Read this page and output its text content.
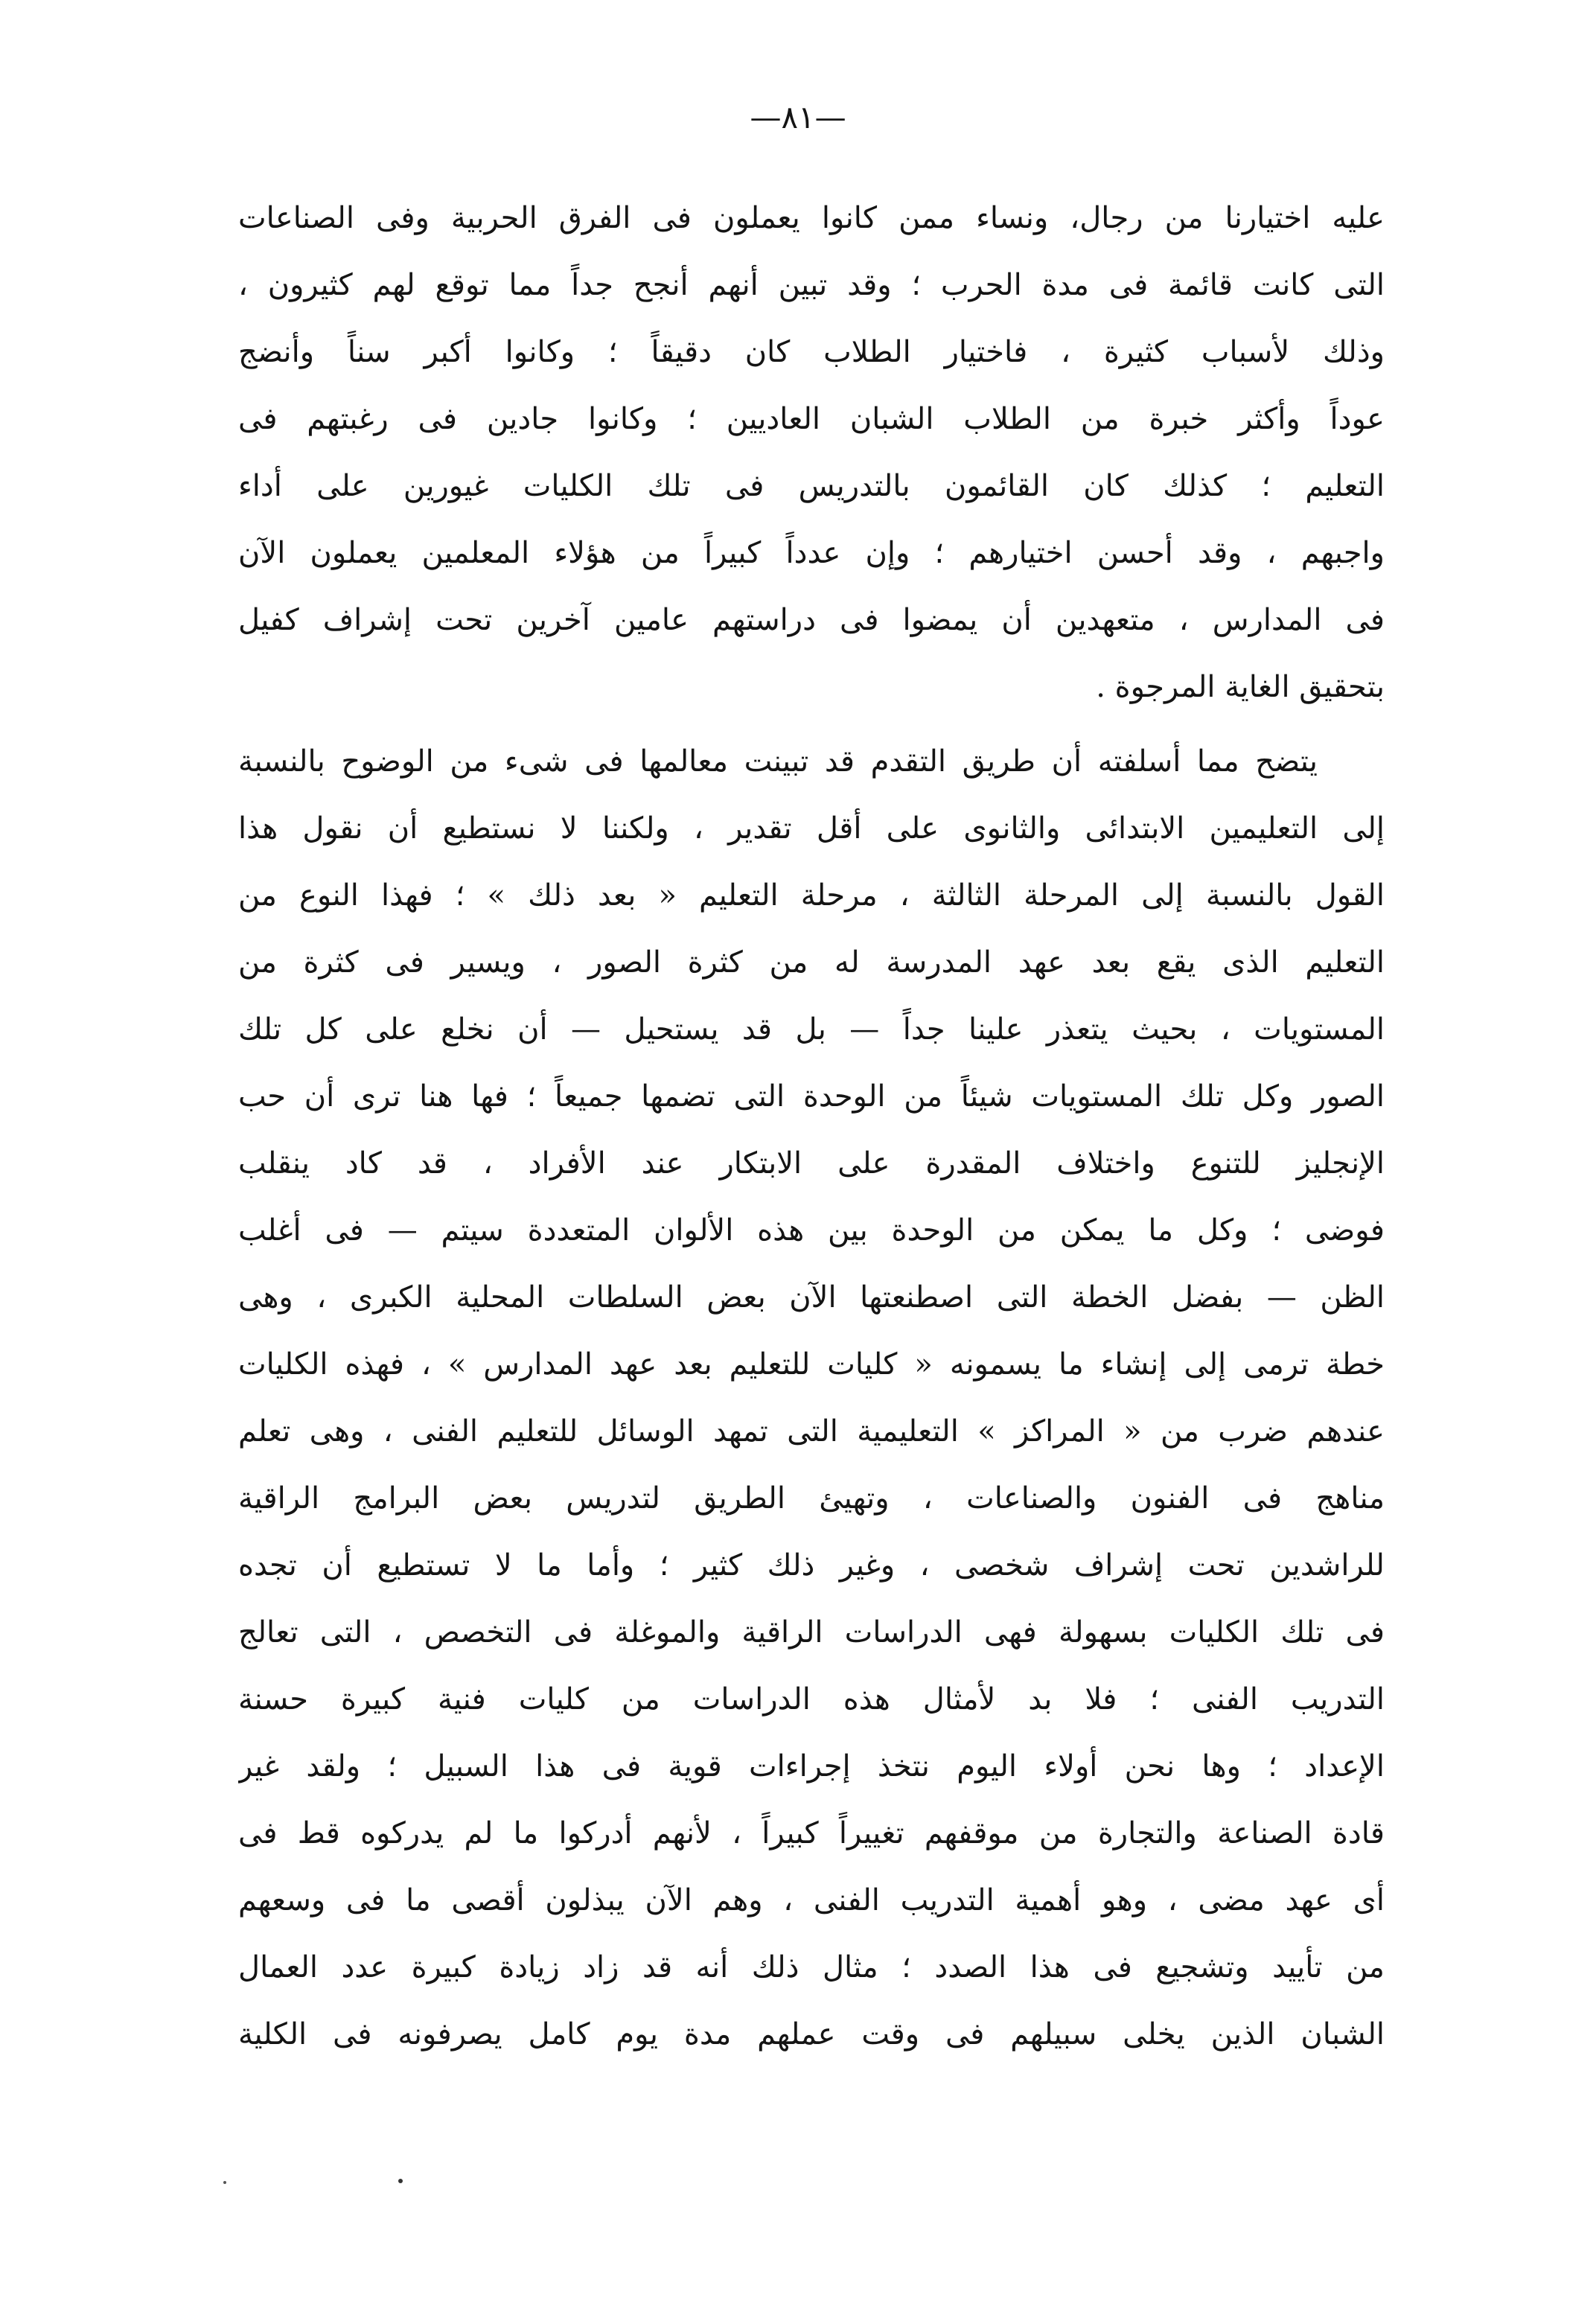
—٨١—
عليه اختيارنا من رجال، ونساء ممن كانوا يعملون فى الفرق الحربية وفى الصناعات
التى كانت قائمة فى مدة الحرب ؛ وقد تبين أنهم أنجح جداً مما توقع لهم كثيرون ،
وذلك لأسباب كثيرة ، فاختيار الطلاب كان دقيقاً ؛ وكانوا أكبر سناً وأنضج
عوداً وأكثر خبرة من الطلاب الشبان العاديين ؛ وكانوا جادين فى رغبتهم فى
التعليم ؛ كذلك كان القائمون بالتدريس فى تلك الكليات غيورين على أداء
واجبهم ، وقد أحسن اختيارهم ؛ وإن عدداً كبيراً من هؤلاء المعلمين يعملون الآن
فى المدارس ، متعهدين أن يمضوا فى دراستهم عامين آخرين تحت إشراف كفيل
بتحقيق الغاية المرجوة .
يتضح مما أسلفته أن طريق التقدم قد تبينت معالمها فى شىء من الوضوح بالنسبة
إلى التعليمين الابتدائى والثانوى على أقل تقدير ، ولكننا لا نستطيع أن نقول هذا
القول بالنسبة إلى المرحلة الثالثة ، مرحلة التعليم « بعد ذلك » ؛ فهذا النوع من
التعليم الذى يقع بعد عهد المدرسة له من كثرة الصور ، ويسير فى كثرة من
المستويات ، بحيث يتعذر علينا جداً — بل قد يستحيل — أن نخلع على كل تلك
الصور وكل تلك المستويات شيئاً من الوحدة التى تضمها جميعاً ؛ فها هنا ترى أن حب
الإنجليز للتنوع واختلاف المقدرة على الابتكار عند الأفراد ، قد كاد ينقلب
فوضى ؛ وكل ما يمكن من الوحدة بين هذه الألوان المتعددة سيتم — فى أغلب
الظن — بفضل الخطة التى اصطنعتها الآن بعض السلطات المحلية الكبرى ، وهى
خطة ترمى إلى إنشاء ما يسمونه « كليات للتعليم بعد عهد المدارس » ، فهذه الكليات
عندهم ضرب من « المراكز » التعليمية التى تمهد الوسائل للتعليم الفنى ، وهى تعلم
مناهج فى الفنون والصناعات ، وتهيئ الطريق لتدريس بعض البرامج الراقية
للراشدين تحت إشراف شخصى ، وغير ذلك كثير ؛ وأما ما لا تستطيع أن تجده
فى تلك الكليات بسهولة فهى الدراسات الراقية والموغلة فى التخصص ، التى تعالج
التدريب الفنى ؛ فلا بد لأمثال هذه الدراسات من كليات فنية كبيرة حسنة
الإعداد ؛ وها نحن أولاء اليوم نتخذ إجراءات قوية فى هذا السبيل ؛ ولقد غير
قادة الصناعة والتجارة من موقفهم تغييراً كبيراً ، لأنهم أدركوا ما لم يدركوه قط فى
أى عهد مضى ، وهو أهمية التدريب الفنى ، وهم الآن يبذلون أقصى ما فى وسعهم
من تأييد وتشجيع فى هذا الصدد ؛ مثال ذلك أنه قد زاد زيادة كبيرة عدد العمال
الشبان الذين يخلى سبيلهم فى وقت عملهم مدة يوم كامل يصرفونه فى الكلية
